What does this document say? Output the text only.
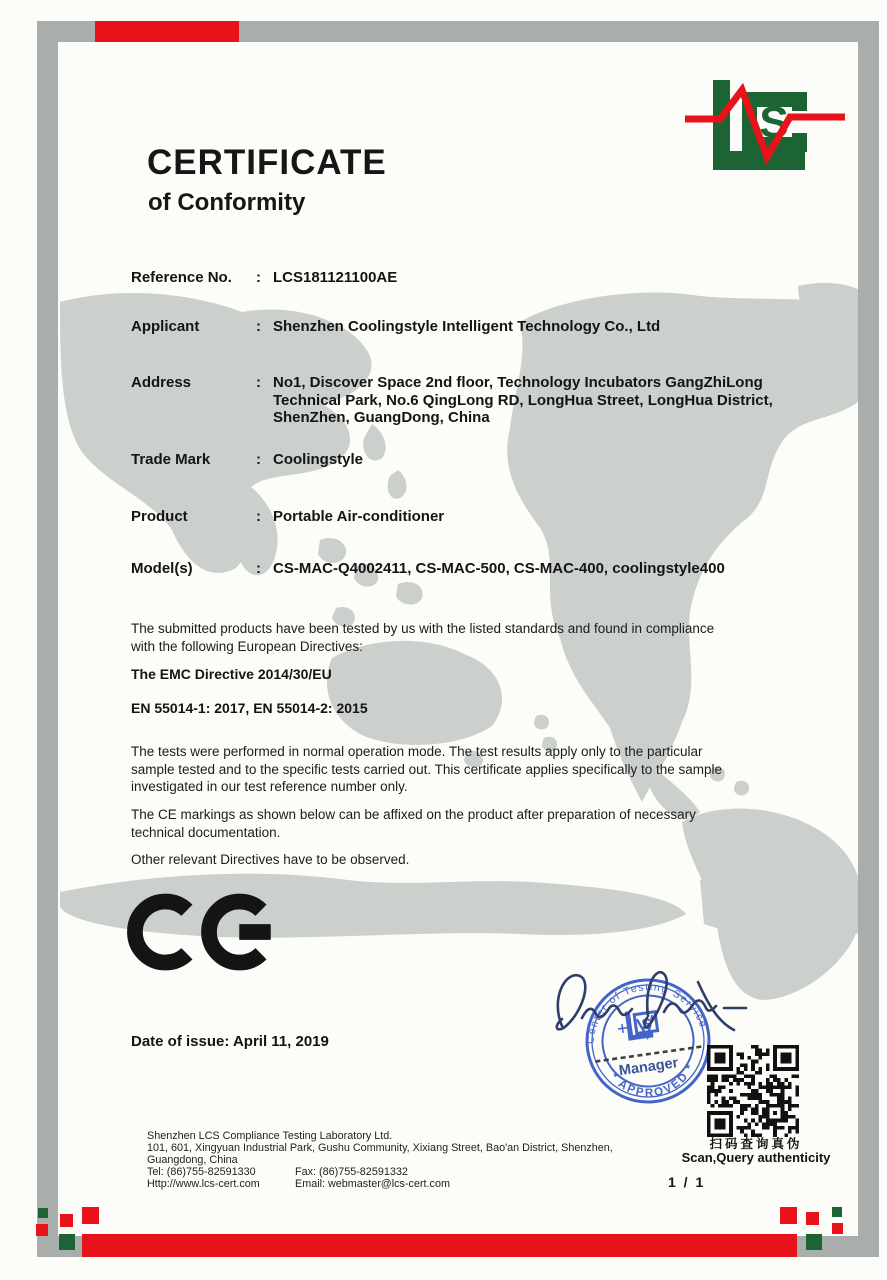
S
CERTIFICATE
of Conformity
Reference No. : LCS181121100AE
Applicant	: Shenzhen Coolingstyle Intelligent Technology Co., Ltd
Address	: No1, Discover Space 2nd floor, Technology Incubators GangZhiLong
Technical Park, No.6 QingLong RD, LongHua Street, LongHua District,
ShenZhen, GuangDong, China
Trade Mark	: Coolingstyle
Product	: Portable Air-conditioner
Model(s)	: CS-MAC-Q4002411, CS-MAC-500, CS-MAC-400, coolingstyle400
The submitted products have been tested by us with the listed standards and found in compliance
with the following European Directives:
The EMC Directive 2014/30/EU
EN 55014-1: 2017, EN 55014-2: 2015
The tests were performed in normal operation mode. The test results apply only to the particular
sample tested and to the specific tests carried out. This certificate applies specifically to the sample
investigated in our test reference number only.
The CE markings as shown below can be affixed on the product after preparation of necessary
technical documentation.
Other relevant Directives have to be observed.
Date of issue: April 11, 2019	Center of Testing Service
* APPROVED *
S
Manager
扫码查询真伪
Scan,Query authenticity
Shenzhen LCS Compliance Testing Laboratory Ltd.
101, 601, Xingyuan Industrial Park, Gushu Community, Xixiang Street, Bao'an District, Shenzhen,
Guangdong, China
Tel: (86)755-82591330	Fax: (86)755-82591332
Http://www.lcs-cert.com	Email: webmaster@lcs-cert.com	1 / 1
